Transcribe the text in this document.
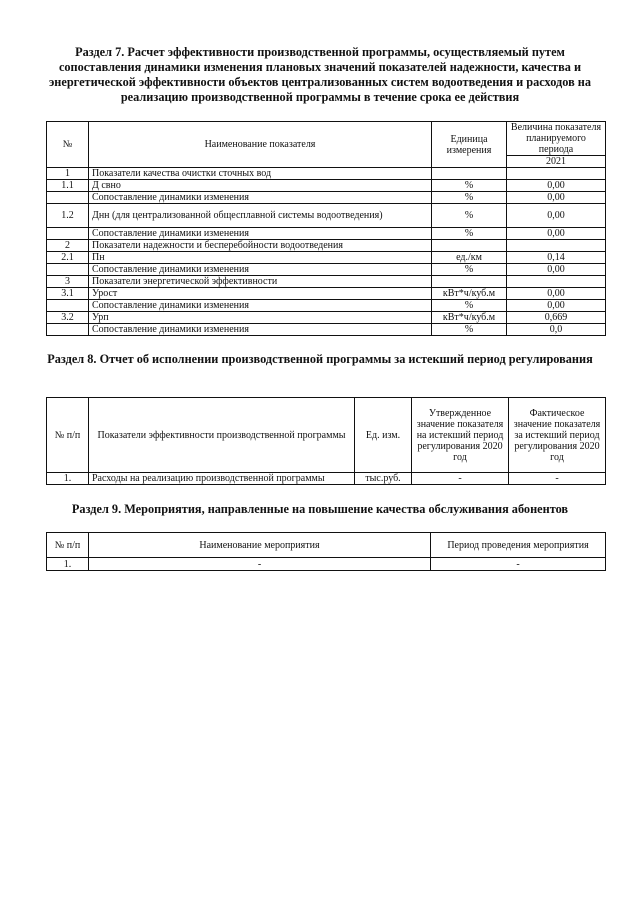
Раздел 7. Расчет эффективности производственной программы, осуществляемый путем сопоставления динамики изменения плановых значений показателей надежности, качества и энергетической эффективности объектов централизованных систем водоотведения и расходов на реализацию производственной программы в течение срока ее действия
№	Наименование показателя	Единица измерения	Величина показателя планируемого периода
			2021
1	Показатели качества очистки сточных вод		
1.1	Д свно	%	0,00
	Сопоставление динамики изменения	%	0,00
1.2	Днн (для централизованной общесплавной системы водоотведения)	%	0,00
	Сопоставление динамики изменения	%	0,00
2	Показатели надежности и бесперебойности водоотведения		
2.1	Пн	ед./км	0,14
	Сопоставление динамики изменения	%	0,00
3	Показатели энергетической эффективности		
3.1	Урост	кВт*ч/куб.м	0,00
	Сопоставление динамики изменения	%	0,00
3.2	Урп	кВт*ч/куб.м	0,669
	Сопоставление динамики изменения	%	0,0
Раздел 8. Отчет об исполнении производственной программы за истекший период регулирования
№ п/п	Показатели эффективности производственной программы	Ед. изм.	Утвержденное значение показателя на истекший период регулирования 2020 год	Фактическое значение показателя за истекший период регулирования 2020 год
1.	Расходы на реализацию производственной программы	тыс.руб.	-	-
Раздел 9. Мероприятия, направленные на повышение качества обслуживания абонентов
№ п/п	Наименование мероприятия	Период проведения мероприятия
1.	-	-
